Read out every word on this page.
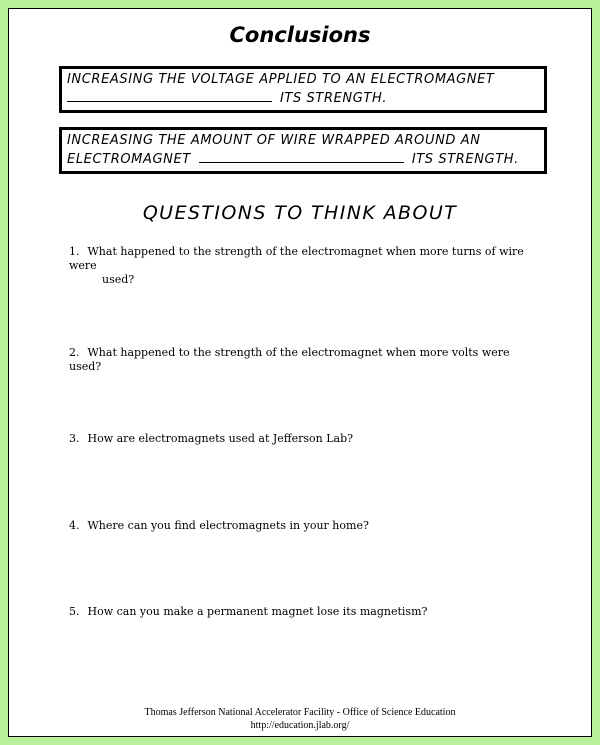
Conclusions
INCREASING THE VOLTAGE APPLIED TO AN ELECTROMAGNET
ITS STRENGTH.
INCREASING THE AMOUNT OF WIRE WRAPPED AROUND AN
ELECTROMAGNET	ITS STRENGTH.
QUESTIONS TO THINK ABOUT
1. What happened to the strength of the electromagnet when more turns of wire were
used?
2. What happened to the strength of the electromagnet when more volts were used?
3. How are electromagnets used at Jefferson Lab?
4. Where can you find electromagnets in your home?
5. How can you make a permanent magnet lose its magnetism?
Thomas Jefferson National Accelerator Facility - Office of Science Education
http://education.jlab.org/
